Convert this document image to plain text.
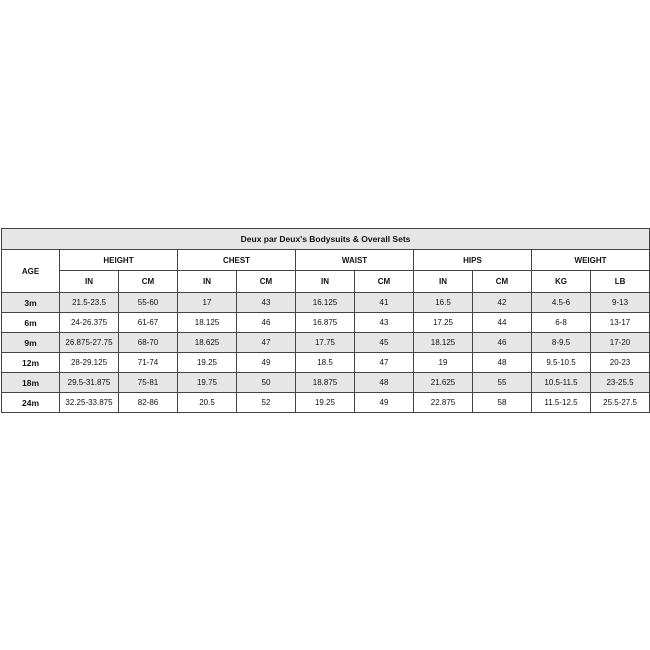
Deux par Deux's Bodysuits & Overall Sets										
AGE	HEIGHT		CHEST		WAIST		HIPS		WEIGHT	
	IN	CM	IN	CM	IN	CM	IN	CM	KG	LB
3m	21.5-23.5	55-60	17	43	16.125	41	16.5	42	4.5-6	9-13
6m	24-26.375	61-67	18.125	46	16.875	43	17.25	44	6-8	13-17
9m	26.875-27.75	68-70	18.625	47	17.75	45	18.125	46	8-9.5	17-20
12m	28-29.125	71-74	19.25	49	18.5	47	19	48	9.5-10.5	20-23
18m	29.5-31.875	75-81	19.75	50	18.875	48	21.625	55	10.5-11.5	23-25.5
24m	32.25-33.875	82-86	20.5	52	19.25	49	22.875	58	11.5-12.5	25.5-27.5
